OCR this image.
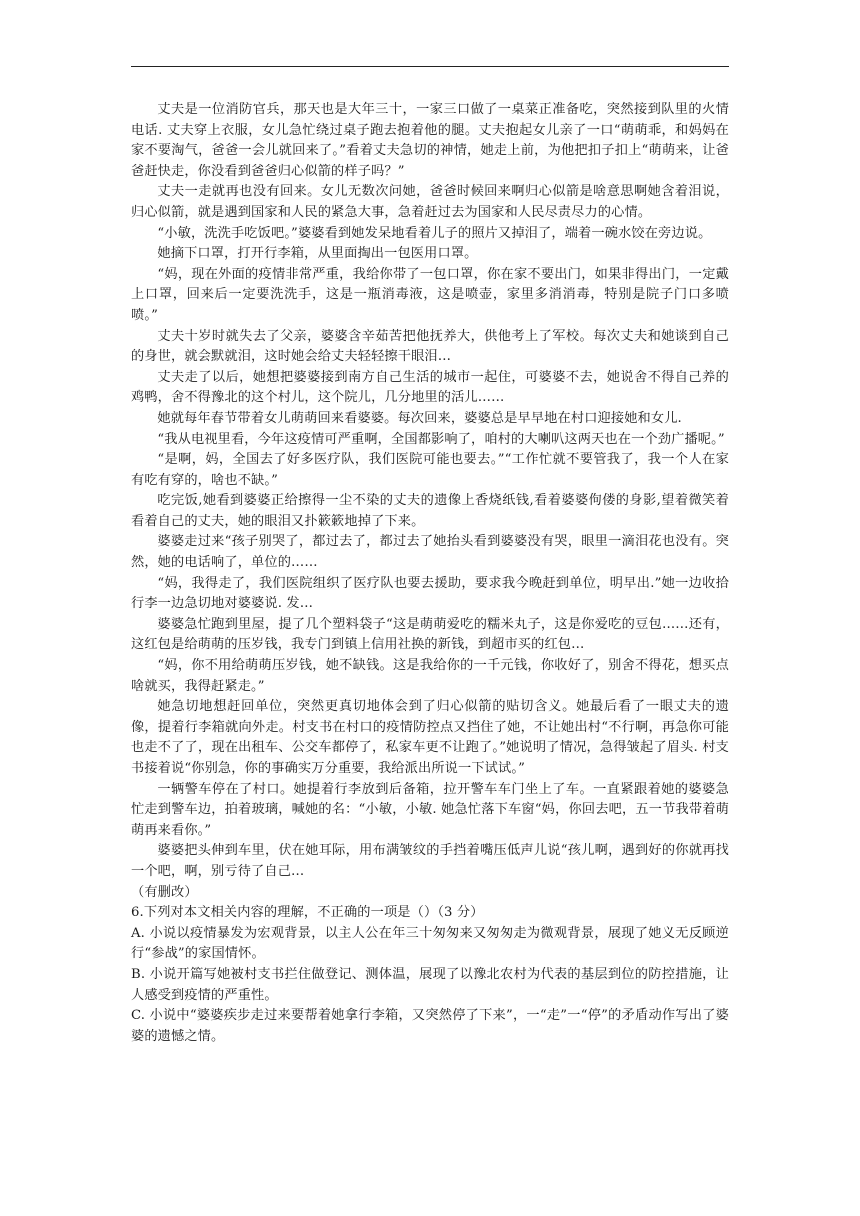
丈夫是一位消防官兵，那天也是大年三十，一家三口做了一桌菜正准备吃，突然接到队里的火情电话. 丈夫穿上衣服，女儿急忙绕过桌子跑去抱着他的腿。丈夫抱起女儿亲了一口“萌萌乖，和妈妈在家不要淘气，爸爸一会儿就回来了。”看着丈夫急切的神情，她走上前，为他把扣子扣上“萌萌来，让爸爸赶快走，你没看到爸爸归心似箭的样子吗？”

丈夫一走就再也没有回来。女儿无数次问她，爸爸时候回来啊归心似箭是啥意思啊她含着泪说，归心似箭，就是遇到国家和人民的紧急大事，急着赶过去为国家和人民尽责尽力的心情。

“小敏，洗洗手吃饭吧。”婆婆看到她发呆地看着儿子的照片又掉泪了，端着一碗水饺在旁边说。

她摘下口罩，打开行李箱，从里面掏出一包医用口罩。

“妈，现在外面的疫情非常严重，我给你带了一包口罩，你在家不要出门，如果非得出门，一定戴上口罩，回来后一定要洗洗手，这是一瓶消毒液，这是喷壶，家里多消消毒，特别是院子门口多喷喷。”

丈夫十岁时就失去了父亲，婆婆含辛茹苦把他抚养大，供他考上了军校。每次丈夫和她谈到自己的身世，就会默就泪，这时她会给丈夫轻轻擦干眼泪…

丈夫走了以后，她想把婆婆接到南方自己生活的城市一起住，可婆婆不去，她说舍不得自己养的鸡鸭，舍不得豫北的这个村儿，这个院儿，几分地里的活儿……

她就每年春节带着女儿萌萌回来看婆婆。每次回来，婆婆总是早早地在村口迎接她和女儿.

“我从电视里看，今年这疫情可严重啊，全国都影响了，咱村的大喇叭这两天也在一个劲广播呢。”

“是啊，妈，全国去了好多医疗队，我们医院可能也要去。”“工作忙就不要管我了，我一个人在家有吃有穿的，啥也不缺。”

吃完饭,她看到婆婆正给擦得一尘不染的丈夫的遗像上香烧纸钱,看着婆婆佝偻的身影,望着微笑着看着自己的丈夫，她的眼泪又扑簌簌地掉了下来。

婆婆走过来“孩子别哭了，都过去了，都过去了她抬头看到婆婆没有哭，眼里一滴泪花也没有。突然，她的电话响了，单位的……

“妈，我得走了，我们医院组织了医疗队也要去援助，要求我今晚赶到单位，明早出.”她一边收拾行李一边急切地对婆婆说. 发…

婆婆急忙跑到里屋，提了几个塑料袋子“这是萌萌爱吃的糯米丸子，这是你爱吃的豆包……还有，这红包是给萌萌的压岁钱，我专门到镇上信用社换的新钱，到超市买的红包…

“妈，你不用给萌萌压岁钱，她不缺钱。这是我给你的一千元钱，你收好了，别舍不得花，想买点啥就买，我得赶紧走。”

她急切地想赶回单位，突然更真切地体会到了归心似箭的贴切含义。她最后看了一眼丈夫的遗像，提着行李箱就向外走。村支书在村口的疫情防控点又挡住了她，不让她出村“不行啊，再急你可能也走不了了，现在出租车、公交车都停了，私家车更不让跑了。”她说明了情况，急得皱起了眉头. 村支书接着说“你别急，你的事确实万分重要，我给派出所说一下试试。”

一辆警车停在了村口。她提着行李放到后备箱，拉开警车车门坐上了车。一直紧跟着她的婆婆急忙走到警车边，拍着玻璃，喊她的名：“小敏，小敏. 她急忙落下车窗“妈，你回去吧，五一节我带着萌萌再来看你。”

婆婆把头伸到车里，伏在她耳际，用布满皱纹的手挡着嘴压低声儿说“孩儿啊，遇到好的你就再找一个吧，啊，别亏待了自己…

（有删改）

6.下列对本文相关内容的理解，不正确的一项是（）（3 分）

A. 小说以疫情暴发为宏观背景，以主人公在年三十匆匆来又匆匆走为微观背景，展现了她义无反顾逆行“参战”的家国情怀。

B. 小说开篇写她被村支书拦住做登记、测体温，展现了以豫北农村为代表的基层到位的防控措施，让人感受到疫情的严重性。

C. 小说中“婆婆疾步走过来要帮着她拿行李箱，又突然停了下来”，一“走”一“停”的矛盾动作写出了婆婆的遗憾之情。
